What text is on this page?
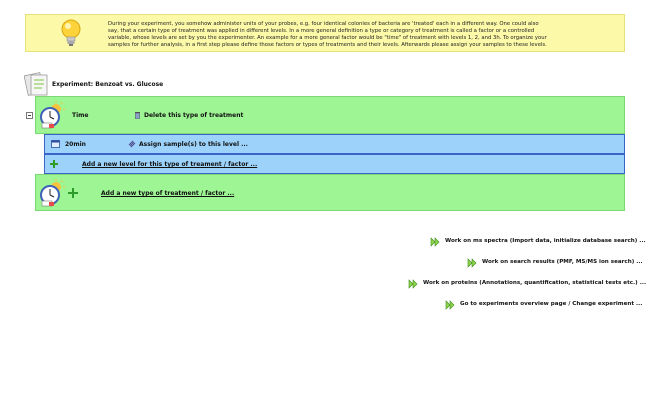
During your experiment, you somehow administer units of your probes, e.g. four identical colonies of bacteria are 'treated' each in a different way. One could also say, that a certain type of treatment was applied in different levels. In a more general definition a type or category of treatment is called a factor or a controlled variable, whose levels are set by you the experimenter. An example for a more general factor would be "time" of treatment with levels 1, 2, and 3h. To organize your samples for further analysis, in a first step please define those factors or types of treatments and their levels. Afterwards please assign your samples to these levels.
Experiment: Benzoat vs. Glucose
Time	Delete this type of treatment
20min	Assign sample(s) to this level ...
Add a new level for this type of treament / factor ...
Add a new type of treatment / factor ...
Work on ms spectra (Import data, initialize database search) ...
Work on search results (PMF, MS/MS ion search) ...
Work on proteins (Annotations, quantification, statistical tests etc.) ...
Go to experiments overview page / Change experiment ...
